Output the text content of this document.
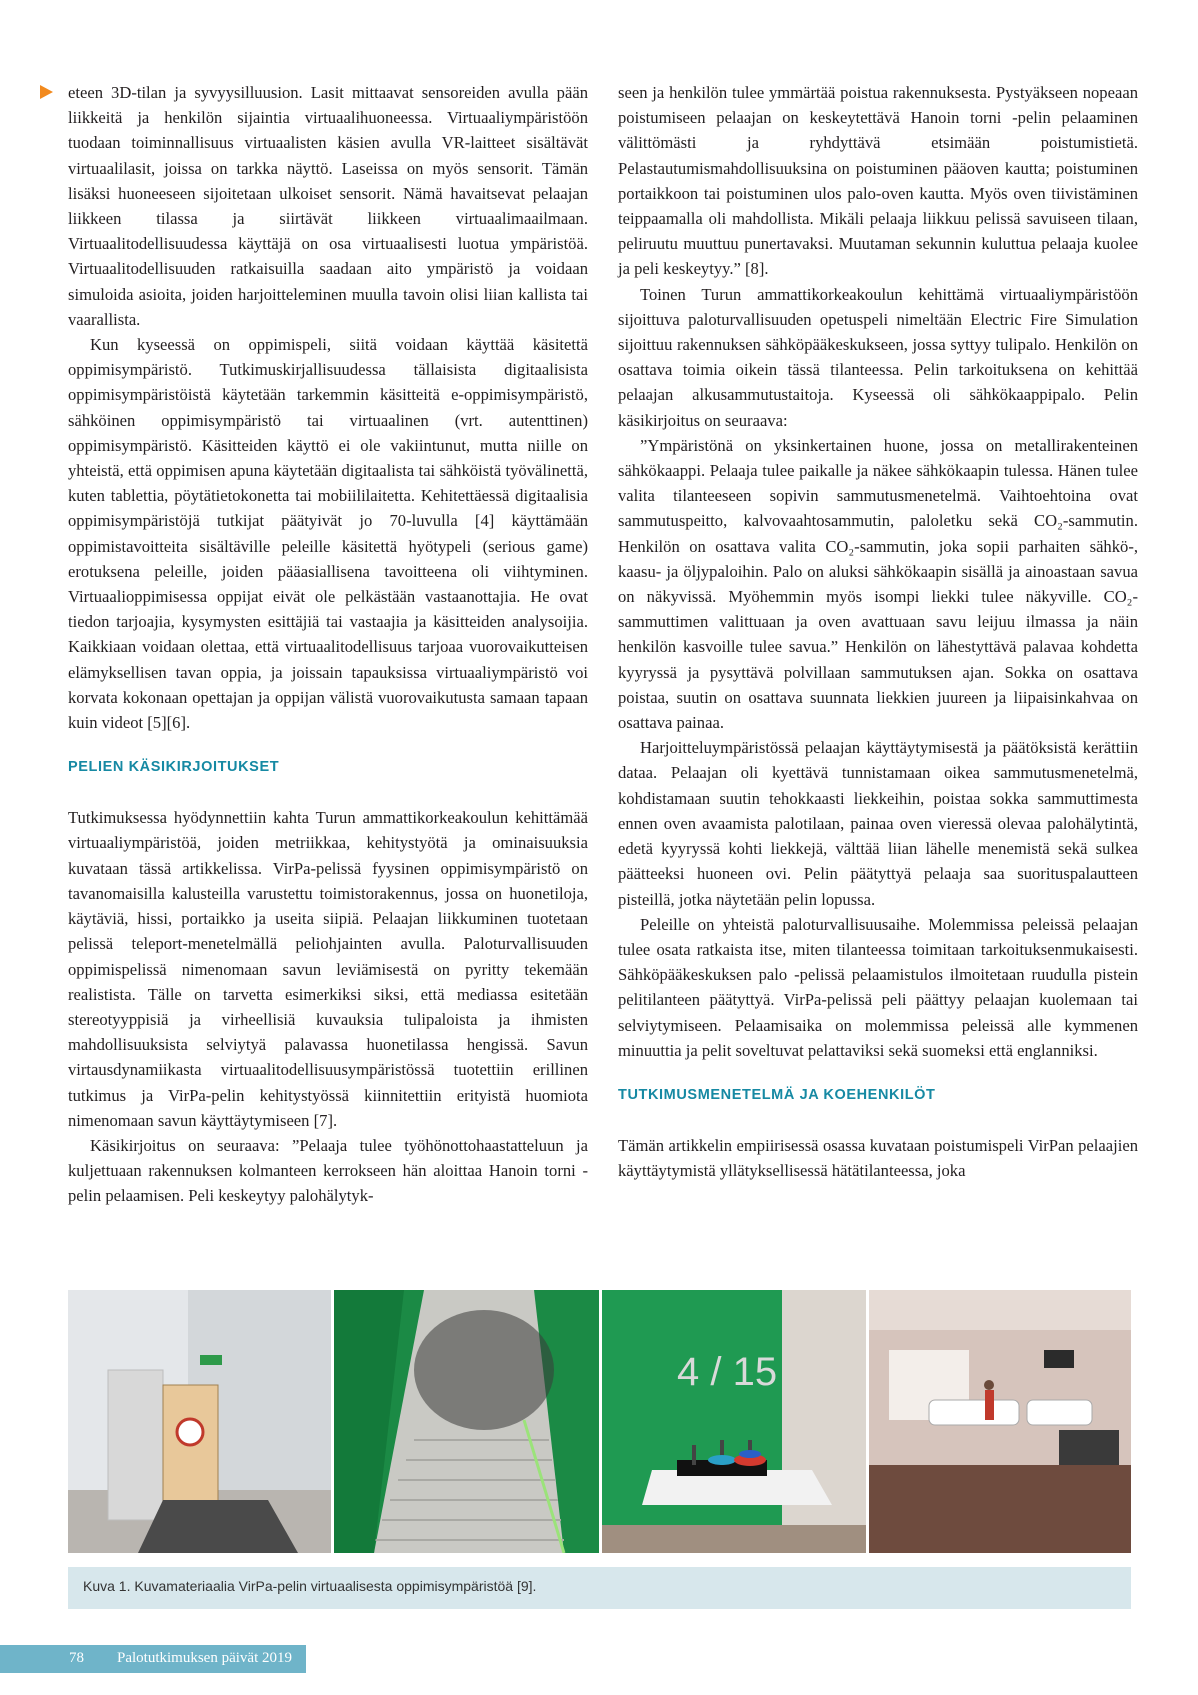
eteen 3D-tilan ja syvyysilluusion. Lasit mittaavat sensoreiden avulla pään liikkeitä ja henkilön sijaintia virtuaalihuoneessa. Virtuaaliympäristöön tuodaan toiminnallisuus virtuaalisten käsien avulla VR-laitteet sisältävät virtuaalilasit, joissa on tarkka näyttö. Laseissa on myös sensorit. Tämän lisäksi huoneeseen sijoitetaan ulkoiset sensorit. Nämä havaitsevat pelaajan liikkeen tilassa ja siirtävät liikkeen virtuaalimaailmaan. Virtuaalitodellisuudessa käyttäjä on osa virtuaalisesti luotua ympäristöä. Virtuaalitodellisuuden ratkaisuilla saadaan aito ympäristö ja voidaan simuloida asioita, joiden harjoitteleminen muulla tavoin olisi liian kallista tai vaarallista.

Kun kyseessä on oppimispeli, siitä voidaan käyttää käsitettä oppimisympäristö. Tutkimuskirjallisuudessa tällaisista digitaalisista oppimisympäristöistä käytetään tarkemmin käsitteitä e-oppimisympäristö, sähköinen oppimisympäristö tai virtuaalinen (vrt. autenttinen) oppimisympäristö. Käsitteiden käyttö ei ole vakiintunut, mutta niille on yhteistä, että oppimisen apuna käytetään digitaalista tai sähköistä työvälinettä, kuten tablettia, pöytätietokonetta tai mobiililaitetta. Kehitettäessä digitaalisia oppimisympäristöjä tutkijat päätyivät jo 70-luvulla [4] käyttämään oppimistavoitteita sisältäville peleille käsitettä hyötypeli (serious game) erotuksena peleille, joiden pääasiallisena tavoitteena oli viihtyminen. Virtuaalioppimisessa oppijat eivät ole pelkästään vastaanottajia. He ovat tiedon tarjoajia, kysymysten esittäjiä tai vastaajia ja käsitteiden analysoijia. Kaikkiaan voidaan olettaa, että virtuaalitodellisuus tarjoaa vuorovaikutteisen elämyksellisen tavan oppia, ja joissain tapauksissa virtuaaliympäristö voi korvata kokonaan opettajan ja oppijan välistä vuorovaikutusta samaan tapaan kuin videot [5][6].

PELIEN KÄSIKIRJOITUKSET

Tutkimuksessa hyödynnettiin kahta Turun ammattikorkeakoulun kehittämää virtuaaliympäristöä, joiden metriikkaa, kehitystyötä ja ominaisuuksia kuvataan tässä artikkelissa. VirPa-pelissä fyysinen oppimisympäristö on tavanomaisilla kalusteilla varustettu toimistorakennus, jossa on huonetiloja, käytäviä, hissi, portaikko ja useita siipiä. Pelaajan liikkuminen tuotetaan pelissä teleport-menetelmällä peliohjainten avulla. Paloturvallisuuden oppimispelissä nimenomaan savun leviämisestä on pyritty tekemään realistista. Tälle on tarvetta esimerkiksi siksi, että mediassa esitetään stereotyyppisiä ja virheellisiä kuvauksia tulipaloista ja ihmisten mahdollisuuksista selviytyä palavassa huonetilassa hengissä. Savun virtausdynamiikasta virtuaalitodellisuusympäristössä tuotettiin erillinen tutkimus ja VirPa-pelin kehitystyössä kiinnitettiin erityistä huomiota nimenomaan savun käyttäytymiseen [7].

Käsikirjoitus on seuraava: ”Pelaaja tulee työhönottohaastatteluun ja kuljettuaan rakennuksen kolmanteen kerrokseen hän aloittaa Hanoin torni -pelin pelaamisen. Peli keskeytyy palohälytyk-

seen ja henkilön tulee ymmärtää poistua rakennuksesta. Pystyäkseen nopeaan poistumiseen pelaajan on keskeytettävä Hanoin torni -pelin pelaaminen välittömästi ja ryhdyttävä etsimään poistumistietä. Pelastautumismahdollisuuksina on poistuminen pääoven kautta; poistuminen portaikkoon tai poistuminen ulos palo-oven kautta. Myös oven tiivistäminen teippaamalla oli mahdollista. Mikäli pelaaja liikkuu pelissä savuiseen tilaan, peliruutu muuttuu punertavaksi. Muutaman sekunnin kuluttua pelaaja kuolee ja peli keskeytyy.” [8].

Toinen Turun ammattikorkeakoulun kehittämä virtuaaliympäristöön sijoittuva paloturvallisuuden opetuspeli nimeltään Electric Fire Simulation sijoittuu rakennuksen sähköpääkeskukseen, jossa syttyy tulipalo. Henkilön on osattava toimia oikein tässä tilanteessa. Pelin tarkoituksena on kehittää pelaajan alkusammutustaitoja. Kyseessä oli sähkökaappipalo. Pelin käsikirjoitus on seuraava:

”Ympäristönä on yksinkertainen huone, jossa on metallirakenteinen sähkökaappi. Pelaaja tulee paikalle ja näkee sähkökaapin tulessa. Hänen tulee valita tilanteeseen sopivin sammutusmenetelmä. Vaihtoehtoina ovat sammutuspeitto, kalvovaahtosammutin, paloletku sekä CO₂-sammutin. Henkilön on osattava valita CO₂-sammutin, joka sopii parhaiten sähkö-, kaasu- ja öljypaloihin. Palo on aluksi sähkökaapin sisällä ja ainoastaan savua on näkyvissä. Myöhemmin myös isompi liekki tulee näkyville. CO₂-sammuttimen valittuaan ja oven avattuaan savu leijuu ilmassa ja näin henkilön kasvoille tulee savua.” Henkilön on lähestyttävä palavaa kohdetta kyyryssä ja pysyttävä polvillaan sammutuksen ajan. Sokka on osattava poistaa, suutin on osattava suunnata liekkien juureen ja liipaisinkahvaa on osattava painaa.

Harjoitteluympäristössä pelaajan käyttäytymisestä ja päätöksistä kerättiin dataa. Pelaajan oli kyettävä tunnistamaan oikea sammutusmenetelmä, kohdistamaan suutin tehokkaasti liekkeihin, poistaa sokka sammuttimesta ennen oven avaamista palotilaan, painaa oven vieressä olevaa palohälytintä, edetä kyyryssä kohti liekkejä, välttää liian lähelle menemistä sekä sulkea päätteeksi huoneen ovi. Pelin päätyttyä pelaaja saa suorituspalautteen pisteillä, jotka näytetään pelin lopussa.

Peleille on yhteistä paloturvallisuusaihe. Molemmissa peleissä pelaajan tulee osata ratkaista itse, miten tilanteessa toimitaan tarkoituksenmukaisesti. Sähköpääkeskuksen palo -pelissä pelaamistulos ilmoitetaan ruudulla pistein pelitilanteen päätyttyä. VirPa-pelissä peli päättyy pelaajan kuolemaan tai selviytymiseen. Pelaamisaika on molemmissa peleissä alle kymmenen minuuttia ja pelit soveltuvat pelattaviksi sekä suomeksi että englanniksi.

TUTKIMUSMENETELMÄ JA KOEHENKILÖT

Tämän artikkelin empiirisessä osassa kuvataan poistumispeli VirPan pelaajien käyttäytymistä yllätyksellisessä hätätilanteessa, joka

4 / 15
Kuva 1. Kuvamateriaalia VirPa-pelin virtuaalisesta oppimisympäristöä [9].
78 Palotutkimuksen päivät 2019
